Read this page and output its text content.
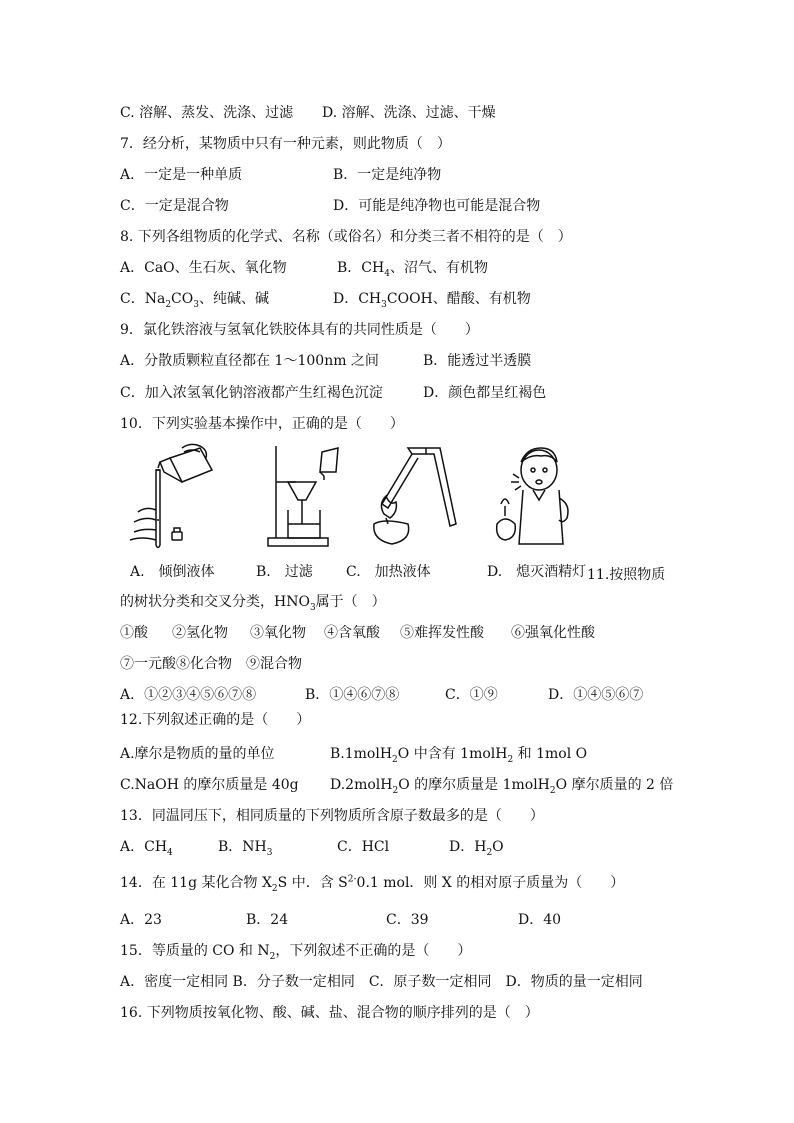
C. 溶解、蒸发、洗涤、过滤 D. 溶解、洗涤、过滤、干燥
7．经分析，某物质中只有一种元素，则此物质（　）
A．一定是一种单质	B．一定是纯净物
C．一定是混合物	D．可能是纯净物也可能是混合物
8. 下列各组物质的化学式、名称（或俗名）和分类三者不相符的是（　）
A．CaO、生石灰、氧化物	B．$CH_4$、沼气、有机物
C．$Na_2CO_3$、纯碱、碱	D．$CH_3COOH$、醋酸、有机物
9．氯化铁溶液与氢氧化铁胶体具有的共同性质是（　　）
A．分散质颗粒直径都在 1～100nm 之间	B．能透过半透膜
C．加入浓氢氧化钠溶液都产生红褐色沉淀	D．颜色都呈红褐色
10．下列实验基本操作中，正确的是（　　）
A.　倾倒液体	B.　过滤 C.　加热液体	D.　熄灭酒精灯 11.按照物质
的树状分类和交叉分类，$HNO_3$属于（　）
①酸 ②氢化物 ③氧化物 ④含氧酸 ⑤难挥发性酸 ⑥强氧化性酸
⑦一元酸⑧化合物　⑨混合物
A．①②③④⑤⑥⑦⑧	B．①④⑥⑦⑧	C．①⑨	D．①④⑤⑥⑦
12.下列叙述正确的是（　　）
A.摩尔是物质的量的单位	B.1molH$_2$O 中含有 1molH$_2$ 和 1mol O
C.NaOH 的摩尔质量是 40g D.2molH$_2$O 的摩尔质量是 1molH$_2$O 摩尔质量的 2 倍
13．同温同压下，相同质量的下列物质所含原子数最多的是（　　）
A．$CH_4$	B．$NH_3$	C．HCl	D．$H_2O$
14．在 11g 某化合物 $X_2S$ 中．含 $S^{2-}0.1$ mol．则 X 的相对原子质量为（　　）
A．23	B．24	C．39	D．40
15．等质量的 CO 和 $N_2$，下列叙述不正确的是（　　）
A．密度一定相同 B．分子数一定相同　C．原子数一定相同　D．物质的量一定相同
16. 下列物质按氧化物、酸、碱、盐、混合物的顺序排列的是（　）
